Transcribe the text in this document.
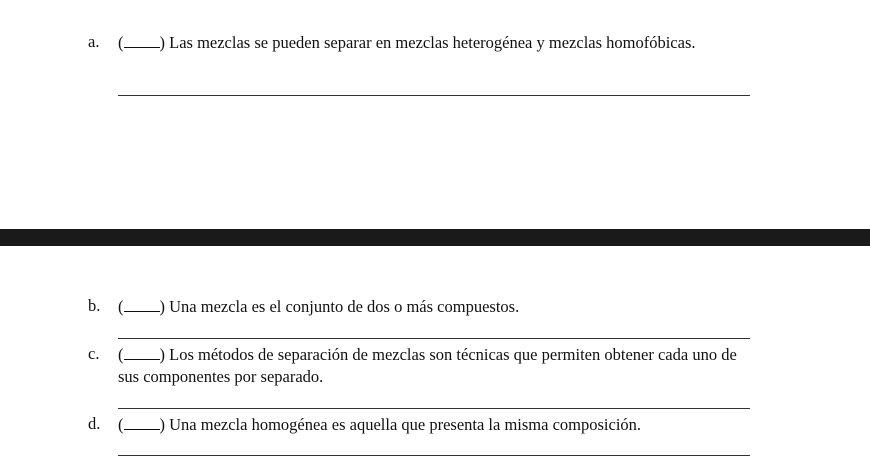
a. ( ) Las mezclas se pueden separar en mezclas heterogénea y mezclas homofóbicas.
b. ( ) Una mezcla es el conjunto de dos o más compuestos.
c. ( ) Los métodos de separación de mezclas son técnicas que permiten obtener cada uno de sus componentes por separado.
d. ( ) Una mezcla homogénea es aquella que presenta la misma composición.
